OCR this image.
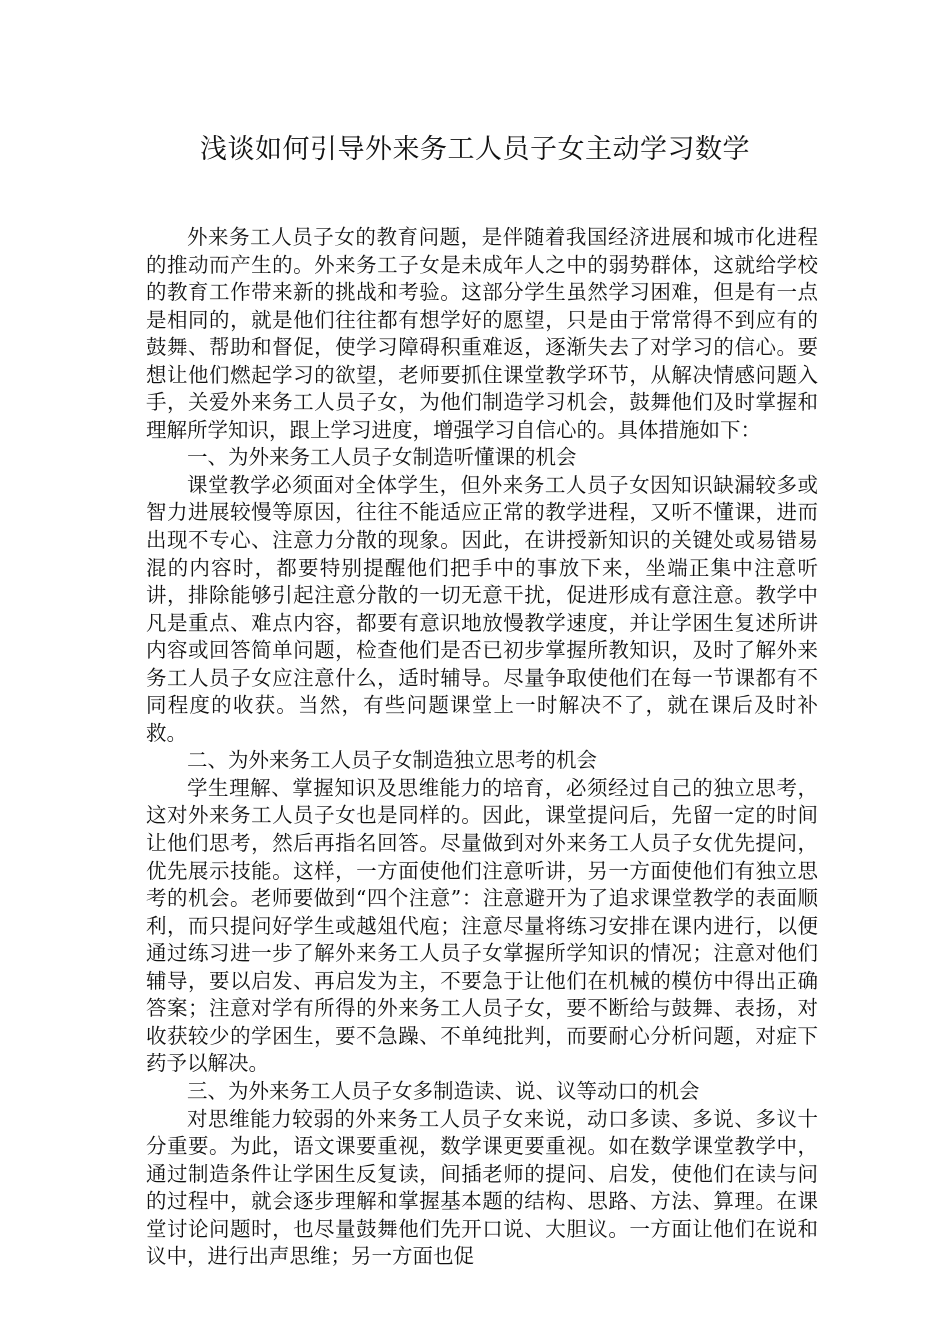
浅谈如何引导外来务工人员子女主动学习数学

外来务工人员子女的教育问题，是伴随着我国经济进展和城市化进程的推动而产生的。外来务工子女是未成年人之中的弱势群体，这就给学校的教育工作带来新的挑战和考验。这部分学生虽然学习困难，但是有一点是相同的，就是他们往往都有想学好的愿望，只是由于常常得不到应有的鼓舞、帮助和督促，使学习障碍积重难返，逐渐失去了对学习的信心。要想让他们燃起学习的欲望，老师要抓住课堂教学环节，从解决情感问题入手，关爱外来务工人员子女，为他们制造学习机会，鼓舞他们及时掌握和理解所学知识，跟上学习进度，增强学习自信心的。具体措施如下：

一、为外来务工人员子女制造听懂课的机会

课堂教学必须面对全体学生，但外来务工人员子女因知识缺漏较多或智力进展较慢等原因，往往不能适应正常的教学进程，又听不懂课，进而出现不专心、注意力分散的现象。因此，在讲授新知识的关键处或易错易混的内容时，都要特别提醒他们把手中的事放下来，坐端正集中注意听讲，排除能够引起注意分散的一切无意干扰，促进形成有意注意。教学中凡是重点、难点内容，都要有意识地放慢教学速度，并让学困生复述所讲内容或回答简单问题，检查他们是否已初步掌握所教知识，及时了解外来务工人员子女应注意什么，适时辅导。尽量争取使他们在每一节课都有不同程度的收获。当然，有些问题课堂上一时解决不了，就在课后及时补救。

二、为外来务工人员子女制造独立思考的机会

学生理解、掌握知识及思维能力的培育，必须经过自己的独立思考，这对外来务工人员子女也是同样的。因此，课堂提问后，先留一定的时间让他们思考，然后再指名回答。尽量做到对外来务工人员子女优先提问，优先展示技能。这样，一方面使他们注意听讲，另一方面使他们有独立思考的机会。老师要做到“四个注意”：注意避开为了追求课堂教学的表面顺利，而只提问好学生或越俎代庖；注意尽量将练习安排在课内进行，以便通过练习进一步了解外来务工人员子女掌握所学知识的情况；注意对他们辅导，要以启发、再启发为主，不要急于让他们在机械的模仿中得出正确答案；注意对学有所得的外来务工人员子女，要不断给与鼓舞、表扬，对收获较少的学困生，要不急躁、不单纯批判，而要耐心分析问题，对症下药予以解决。

三、为外来务工人员子女多制造读、说、议等动口的机会

对思维能力较弱的外来务工人员子女来说，动口多读、多说、多议十分重要。为此，语文课要重视，数学课更要重视。如在数学课堂教学中，通过制造条件让学困生反复读，间插老师的提问、启发，使他们在读与问的过程中，就会逐步理解和掌握基本题的结构、思路、方法、算理。在课堂讨论问题时，也尽量鼓舞他们先开口说、大胆议。一方面让他们在说和议中，进行出声思维；另一方面也促
